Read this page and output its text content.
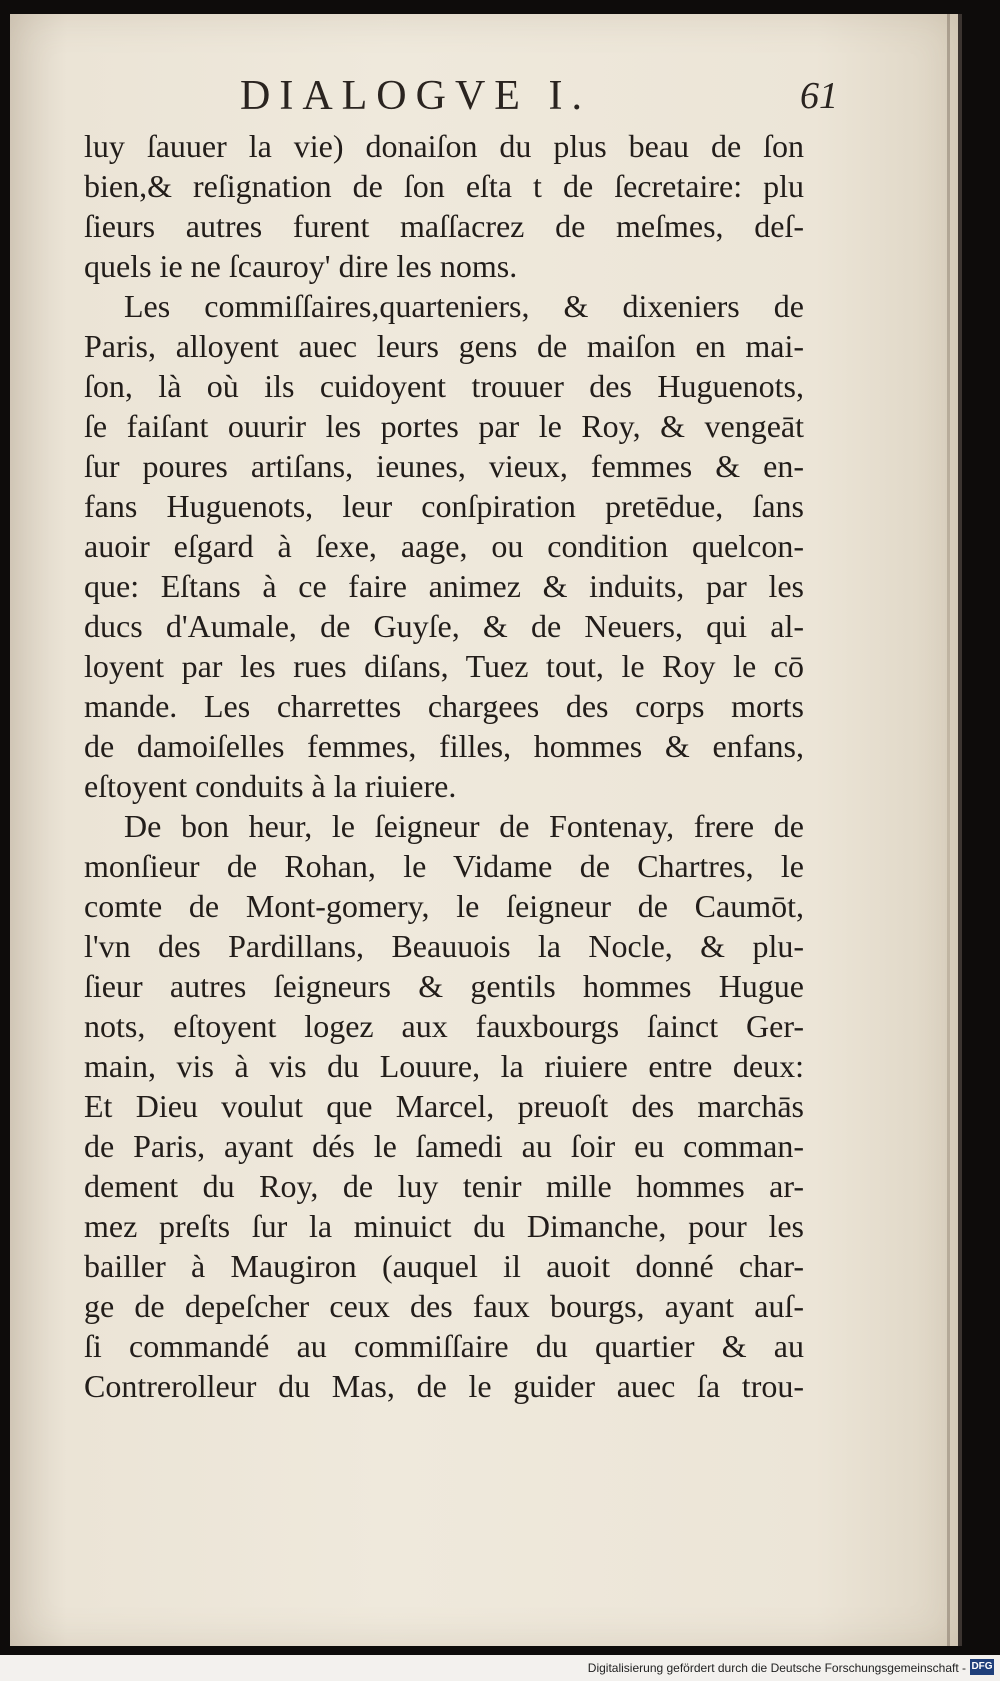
DIALOGVE I.	61
luy ſauuer la vie) donaiſon du plus beau de ſon
bien,& reſignation de ſon eſta t de ſecretaire: plu
ſieurs autres furent maſſacrez de meſmes, deſ-
quels ie ne ſcauroy' dire les noms.
Les commiſſaires,quarteniers, & dixeniers de
Paris, alloyent auec leurs gens de maiſon en mai-
ſon, là où ils cuidoyent trouuer des Huguenots,
ſe faiſant ouurir les portes par le Roy, & vengeāt
ſur poures artiſans, ieunes, vieux, femmes & en-
fans Huguenots, leur conſpiration pretēdue, ſans
auoir eſgard à ſexe, aage, ou condition quelcon-
que: Eſtans à ce faire animez & induits, par les
ducs d'Aumale, de Guyſe, & de Neuers, qui al-
loyent par les rues diſans, Tuez tout, le Roy le cō
mande. Les charrettes chargees des corps morts
de damoiſelles femmes, filles, hommes & enfans,
eſtoyent conduits à la riuiere.
De bon heur, le ſeigneur de Fontenay, frere de
monſieur de Rohan, le Vidame de Chartres, le
comte de Mont-gomery, le ſeigneur de Caumōt,
l'vn des Pardillans, Beauuois la Nocle, & plu-
ſieur autres ſeigneurs & gentils hommes Hugue
nots, eſtoyent logez aux fauxbourgs ſainct Ger-
main, vis à vis du Louure, la riuiere entre deux:
Et Dieu voulut que Marcel, preuoſt des marchās
de Paris, ayant dés le ſamedi au ſoir eu comman-
dement du Roy, de luy tenir mille hommes ar-
mez preſts ſur la minuict du Dimanche, pour les
bailler à Maugiron (auquel il auoit donné char-
ge de depeſcher ceux des faux bourgs, ayant auſ-
ſi commandé au commiſſaire du quartier & au
Contrerolleur du Mas, de le guider auec ſa trou-
Digitalisierung gefördert durch die Deutsche Forschungsgemeinschaft - DFG
